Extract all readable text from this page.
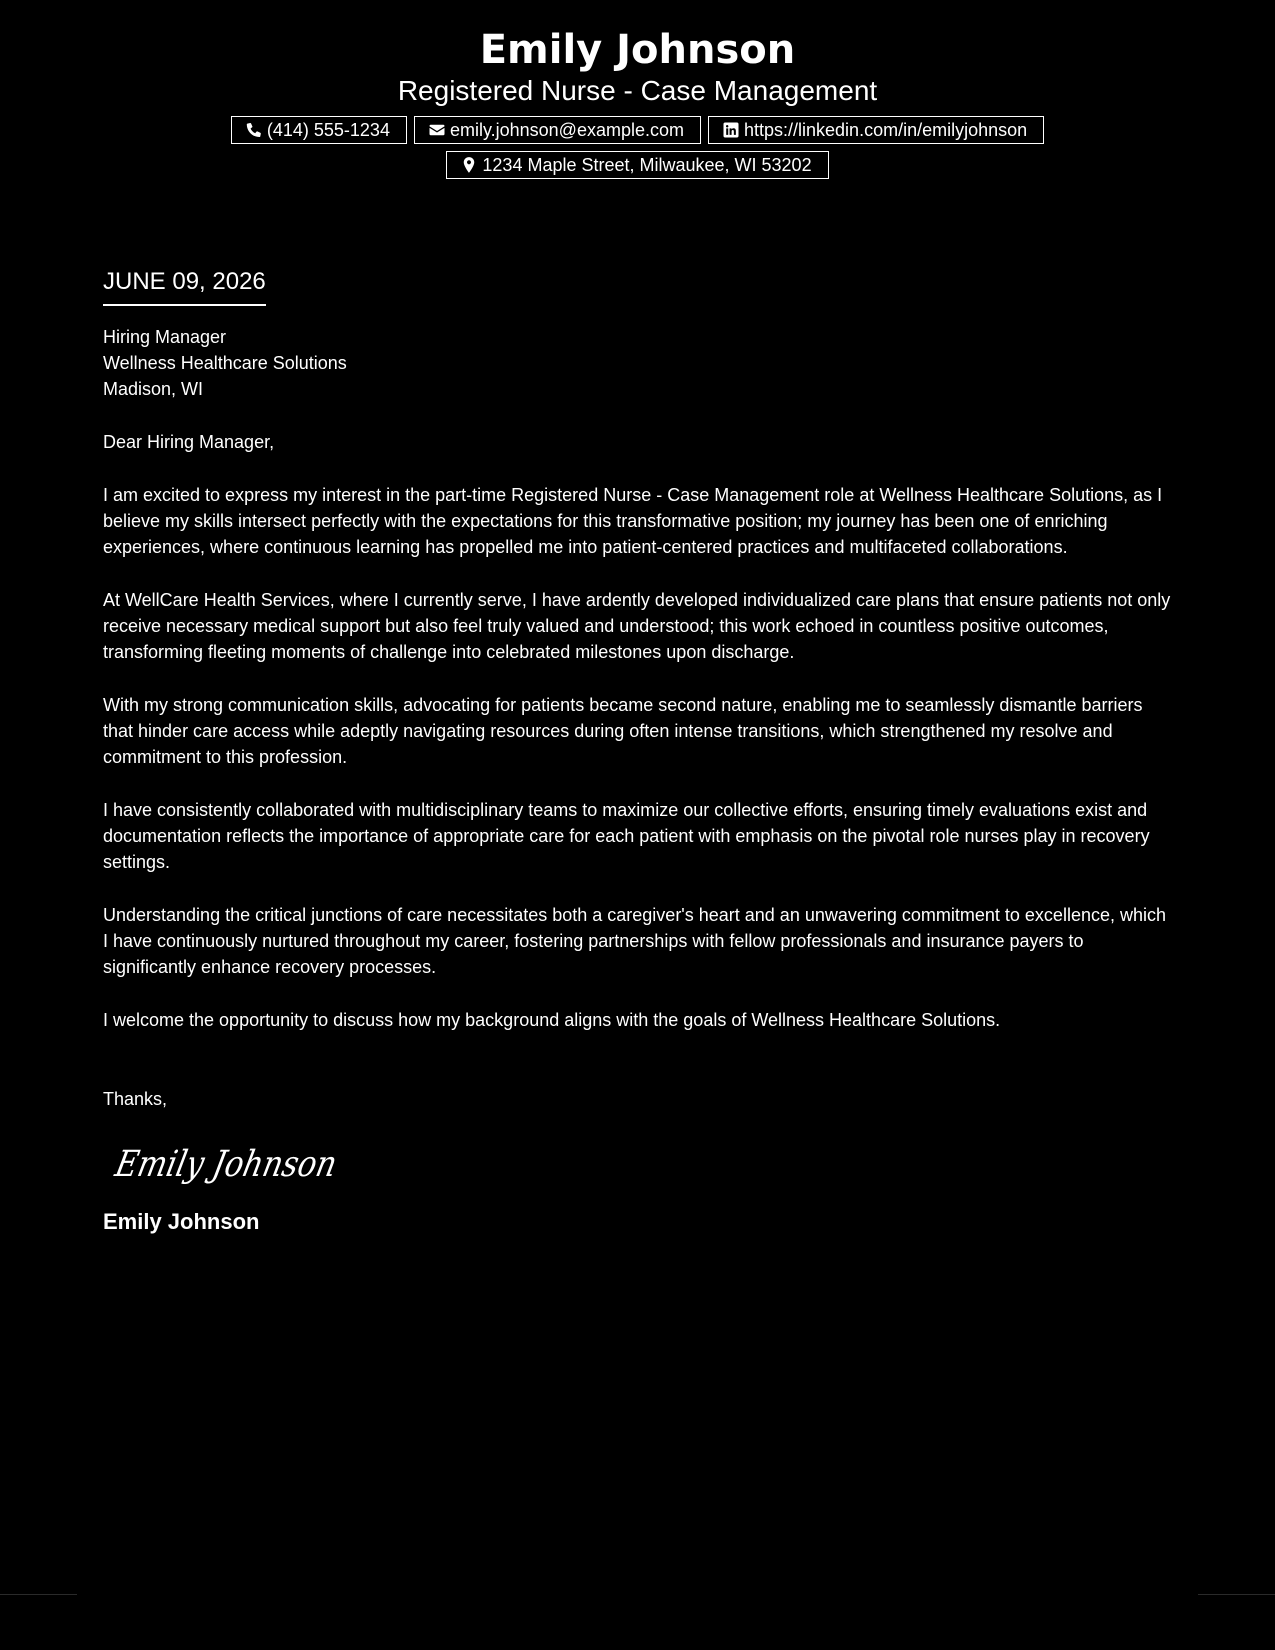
Emily Johnson
Registered Nurse - Case Management
(414) 555-1234	emily.johnson@example.com	https://linkedin.com/in/emilyjohnson
1234 Maple Street, Milwaukee, WI 53202
JUNE 09, 2026
Hiring Manager
Wellness Healthcare Solutions
Madison, WI
Dear Hiring Manager,

I am excited to express my interest in the part-time Registered Nurse - Case Management role at Wellness Healthcare Solutions, as I believe my skills intersect perfectly with the expectations for this transformative position; my journey has been one of enriching experiences, where continuous learning has propelled me into patient-centered practices and multifaceted collaborations.

At WellCare Health Services, where I currently serve, I have ardently developed individualized care plans that ensure patients not only receive necessary medical support but also feel truly valued and understood; this work echoed in countless positive outcomes, transforming fleeting moments of challenge into celebrated milestones upon discharge.

With my strong communication skills, advocating for patients became second nature, enabling me to seamlessly dismantle barriers that hinder care access while adeptly navigating resources during often intense transitions, which strengthened my resolve and commitment to this profession.

I have consistently collaborated with multidisciplinary teams to maximize our collective efforts, ensuring timely evaluations exist and documentation reflects the importance of appropriate care for each patient with emphasis on the pivotal role nurses play in recovery settings.

Understanding the critical junctions of care necessitates both a caregiver's heart and an unwavering commitment to excellence, which I have continuously nurtured throughout my career, fostering partnerships with fellow professionals and insurance payers to significantly enhance recovery processes.

I welcome the opportunity to discuss how my background aligns with the goals of Wellness Healthcare Solutions.

Thanks,
Emily Johnson
Emily Johnson
